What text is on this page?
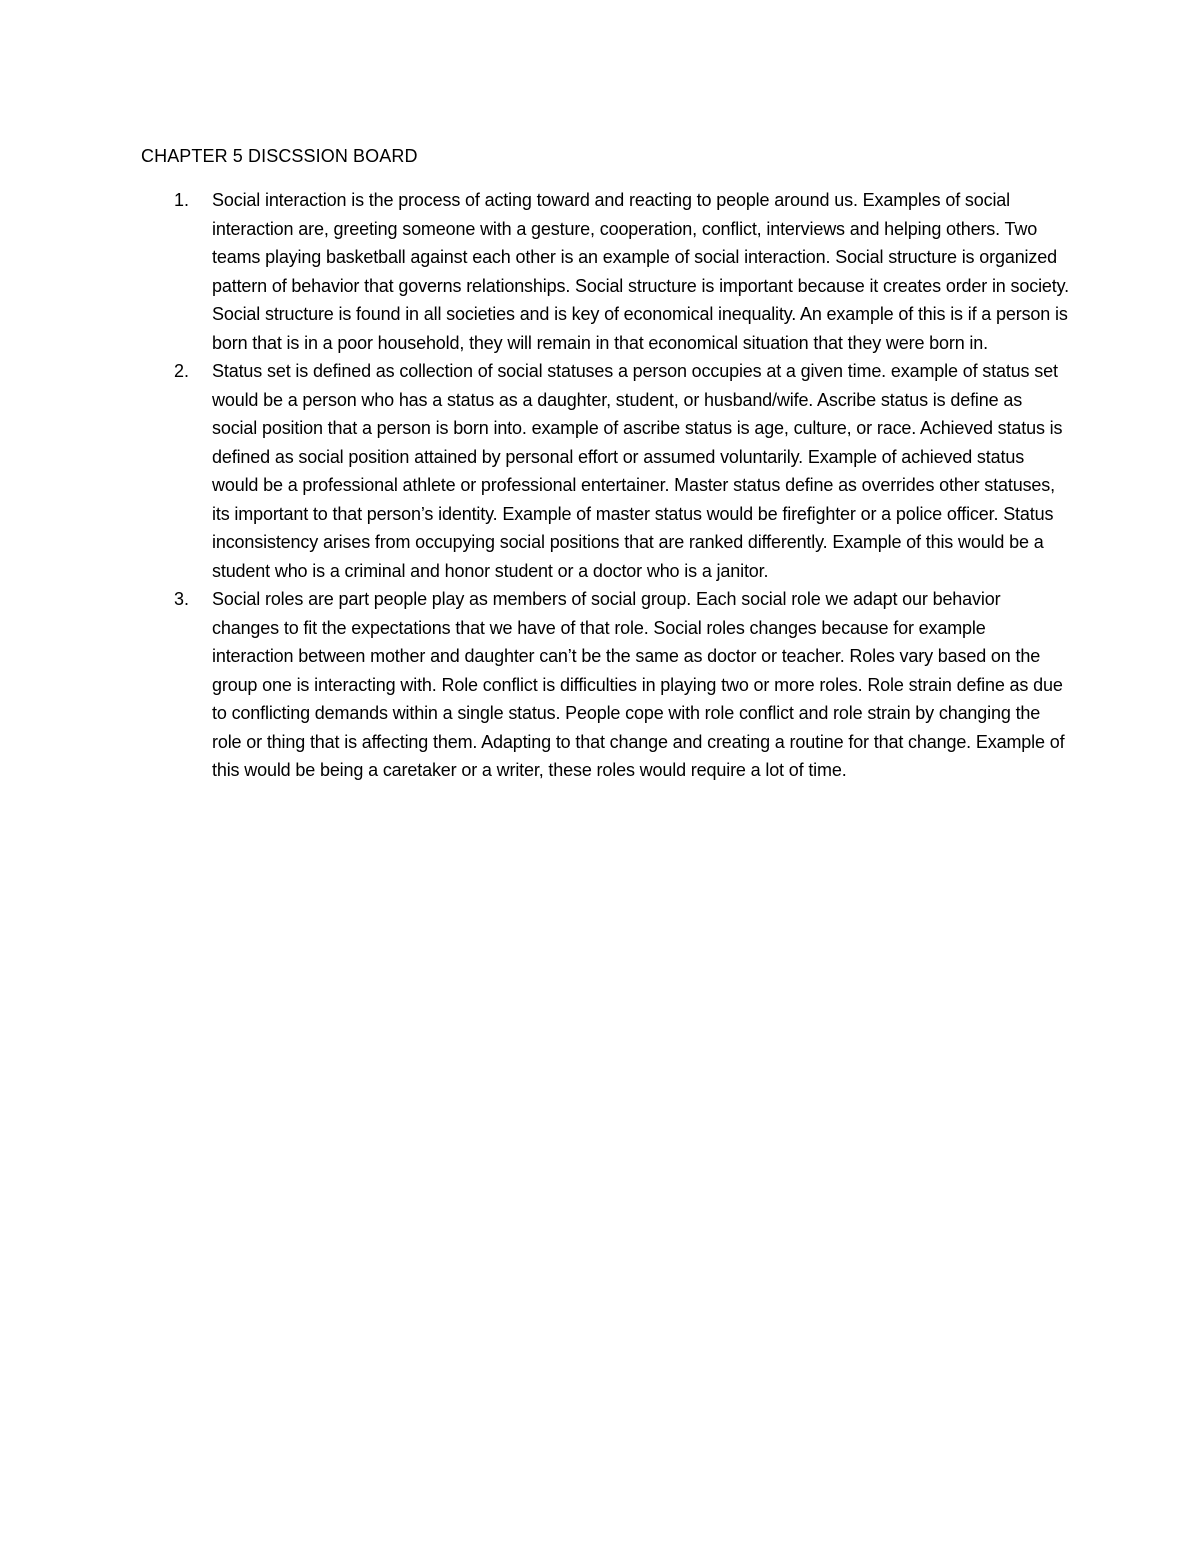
CHAPTER 5 DISCSSION BOARD
1. Social interaction is the process of acting toward and reacting to people around us. Examples of social interaction are, greeting someone with a gesture, cooperation, conflict, interviews and helping others. Two teams playing basketball against each other is an example of social interaction. Social structure is organized pattern of behavior that governs relationships. Social structure is important because it creates order in society. Social structure is found in all societies and is key of economical inequality. An example of this is if a person is born that is in a poor household, they will remain in that economical situation that they were born in.

2. Status set is defined as collection of social statuses a person occupies at a given time. example of status set would be a person who has a status as a daughter, student, or husband/wife. Ascribe status is define as social position that a person is born into. example of ascribe status is age, culture, or race. Achieved status is defined as social position attained by personal effort or assumed voluntarily. Example of achieved status would be a professional athlete or professional entertainer. Master status define as overrides other statuses, its important to that person’s identity. Example of master status would be firefighter or a police officer. Status inconsistency arises from occupying social positions that are ranked differently. Example of this would be a student who is a criminal and honor student or a doctor who is a janitor.

3. Social roles are part people play as members of social group. Each social role we adapt our behavior changes to fit the expectations that we have of that role. Social roles changes because for example interaction between mother and daughter can’t be the same as doctor or teacher. Roles vary based on the group one is interacting with. Role conflict is difficulties in playing two or more roles. Role strain define as due to conflicting demands within a single status. People cope with role conflict and role strain by changing the role or thing that is affecting them. Adapting to that change and creating a routine for that change. Example of this would be being a caretaker or a writer, these roles would require a lot of time.
